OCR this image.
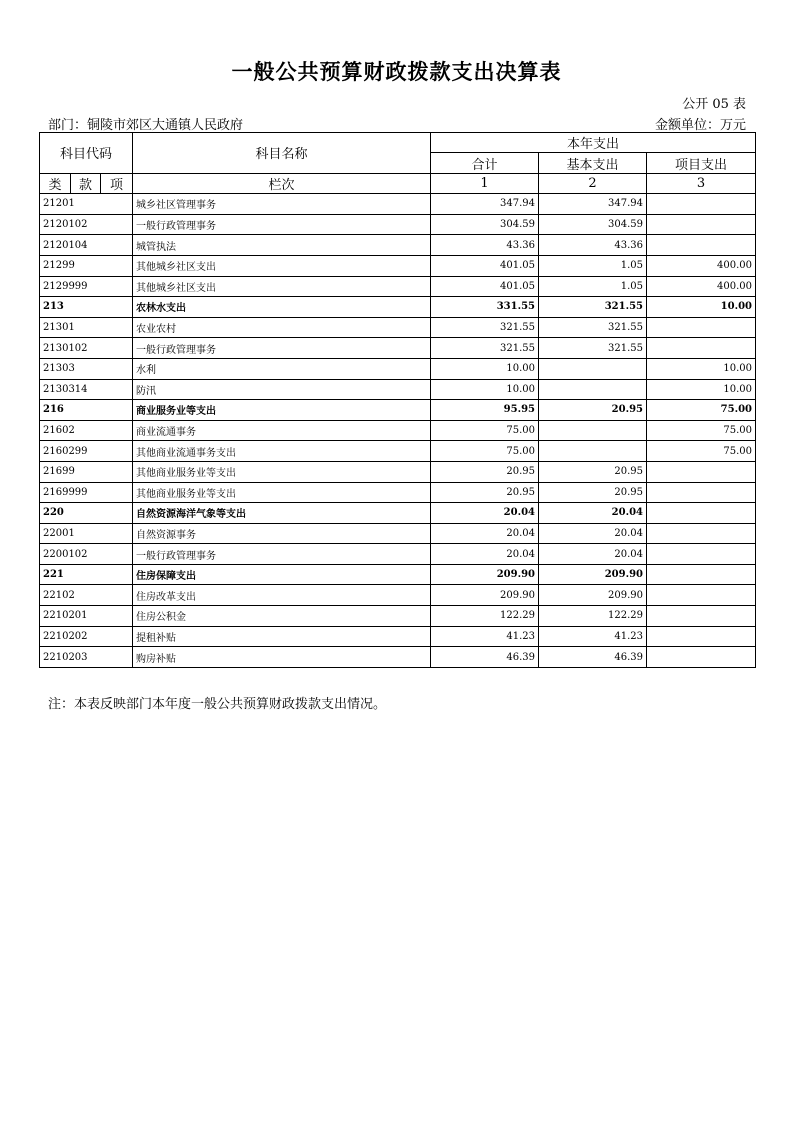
一般公共预算财政拨款支出决算表
公开 05 表
部门：铜陵市郊区大通镇人民政府	金额单位：万元
科目代码			科目名称	本年支出		
				合计	基本支出	项目支出
类	款	项	栏次	1	2	3
21201			城乡社区管理事务	347.94	347.94	
2120102			一般行政管理事务	304.59	304.59	
2120104			城管执法	43.36	43.36	
21299			其他城乡社区支出	401.05	1.05	400.00
2129999			其他城乡社区支出	401.05	1.05	400.00
213			农林水支出	331.55	321.55	10.00
21301			农业农村	321.55	321.55	
2130102			一般行政管理事务	321.55	321.55	
21303			水利	10.00		10.00
2130314			防汛	10.00		10.00
216			商业服务业等支出	95.95	20.95	75.00
21602			商业流通事务	75.00		75.00
2160299			其他商业流通事务支出	75.00		75.00
21699			其他商业服务业等支出	20.95	20.95	
2169999			其他商业服务业等支出	20.95	20.95	
220			自然资源海洋气象等支出	20.04	20.04	
22001			自然资源事务	20.04	20.04	
2200102			一般行政管理事务	20.04	20.04	
221			住房保障支出	209.90	209.90	
22102			住房改革支出	209.90	209.90	
2210201			住房公积金	122.29	122.29	
2210202			提租补贴	41.23	41.23	
2210203			购房补贴	46.39	46.39	
注：本表反映部门本年度一般公共预算财政拨款支出情况。
